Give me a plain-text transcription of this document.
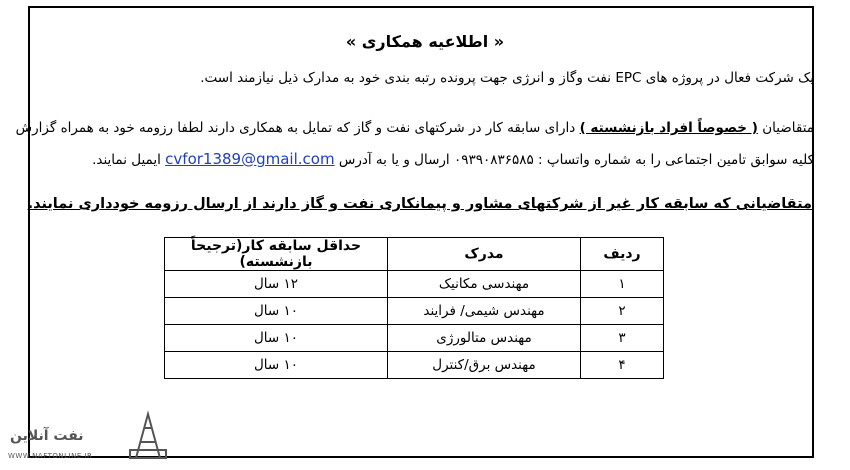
« اطلاعیه همکاری »
یک شرکت فعال در پروژه های EPC نفت وگاز و انرژی جهت پرونده رتبه بندی خود به مدارک ذیل نیازمند است.
متقاضیان ( خصوصاً افراد بازنشسته ) دارای سابقه کار در شرکتهای نفت و گاز که تمایل به همکاری دارند لطفا رزومه خود به همراه گزارش
کلیه سوابق تامین اجتماعی را به شماره واتساپ : ۰۹۳۹۰۸۳۶۵۸۵ ارسال و یا به آدرس cvfor1389@gmail.com ایمیل نمایند.
متقاضیانی که سابقه کار غیر از شرکتهای مشاور و پیمانکاری نفت و گاز دارند از ارسال رزومه خودداری نمایند.
ردیف	مدرک	حداقل سابقه کار(ترجیحاً بازنشسته)
۱	مهندسی مکانیک	۱۲ سال
۲	مهندس شیمی/ فرایند	۱۰ سال
۳	مهندس متالورژی	۱۰ سال
۴	مهندس برق/کنترل	۱۰ سال
نفت آنلاین
WWW.NAFTONLINE.IR
